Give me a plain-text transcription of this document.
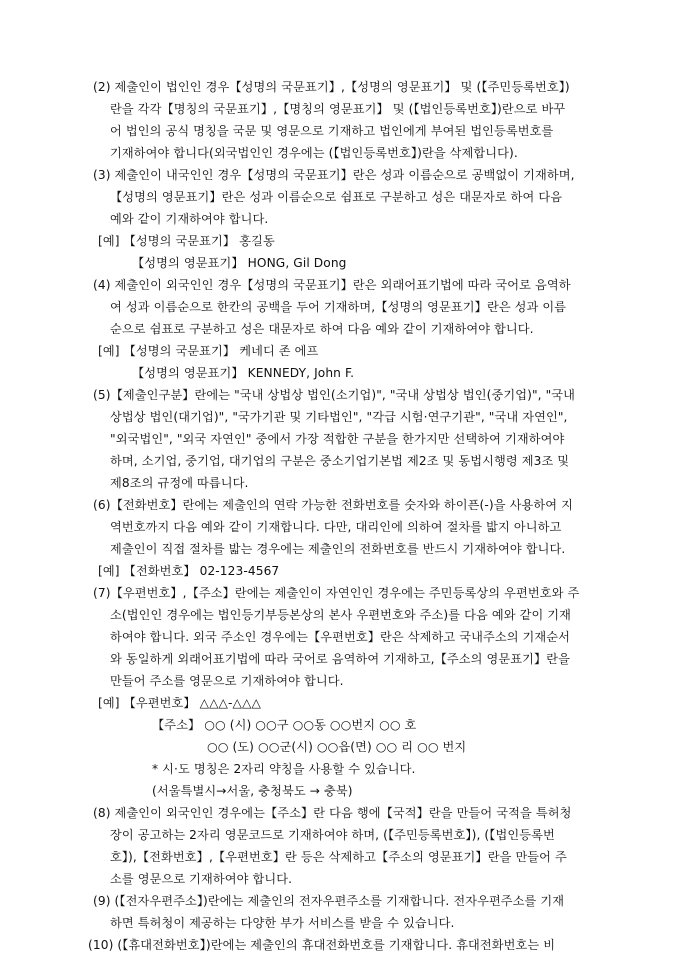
(2) 제출인이 법인인 경우【성명의 국문표기】,【성명의 영문표기】 및 (【주민등록번호】)

란을 각각【명칭의 국문표기】,【명칭의 영문표기】 및 (【법인등록번호】)란으로 바꾸

어 법인의 공식 명칭을 국문 및 영문으로 기재하고 법인에게 부여된 법인등록번호를

기재하여야 합니다(외국법인인 경우에는 (【법인등록번호】)란을 삭제합니다).

(3) 제출인이 내국인인 경우【성명의 국문표기】란은 성과 이름순으로 공백없이 기재하며,

【성명의 영문표기】란은 성과 이름순으로 쉼표로 구분하고 성은 대문자로 하여 다음

예와 같이 기재하여야 합니다.

[예] 【성명의 국문표기】 홍길동

【성명의 영문표기】 HONG, Gil Dong

(4) 제출인이 외국인인 경우【성명의 국문표기】란은 외래어표기법에 따라 국어로 음역하

여 성과 이름순으로 한칸의 공백을 두어 기재하며,【성명의 영문표기】란은 성과 이름

순으로 쉼표로 구분하고 성은 대문자로 하여 다음 예와 같이 기재하여야 합니다.

[예] 【성명의 국문표기】 케네디 존 에프

【성명의 영문표기】 KENNEDY, John F.

(5)【제출인구분】란에는 "국내 상법상 법인(소기업)", "국내 상법상 법인(중기업)", "국내

상법상 법인(대기업)", "국가기관 및 기타법인", "각급 시험·연구기관", "국내 자연인",

"외국법인", "외국 자연인" 중에서 가장 적합한 구분을 한가지만 선택하여 기재하여야

하며, 소기업, 중기업, 대기업의 구분은 중소기업기본법 제2조 및 동법시행령 제3조 및

제8조의 규정에 따릅니다.

(6)【전화번호】란에는 제출인의 연락 가능한 전화번호를 숫자와 하이픈(-)을 사용하여 지

역번호까지 다음 예와 같이 기재합니다. 다만, 대리인에 의하여 절차를 밟지 아니하고

제출인이 직접 절차를 밟는 경우에는 제출인의 전화번호를 반드시 기재하여야 합니다.

[예] 【전화번호】 02-123-4567

(7)【우편번호】,【주소】란에는 제출인이 자연인인 경우에는 주민등록상의 우편번호와 주

소(법인인 경우에는 법인등기부등본상의 본사 우편번호와 주소)를 다음 예와 같이 기재

하여야 합니다. 외국 주소인 경우에는【우편번호】란은 삭제하고 국내주소의 기재순서

와 동일하게 외래어표기법에 따라 국어로 음역하여 기재하고,【주소의 영문표기】란을

만들어 주소를 영문으로 기재하여야 합니다.

[예] 【우편번호】 △△△-△△△

【주소】 ○○ (시) ○○구 ○○동 ○○번지 ○○ 호

○○ (도) ○○군(시) ○○읍(면) ○○ 리 ○○ 번지

* 시·도 명칭은 2자리 약칭을 사용할 수 있습니다.

(서울특별시→서울, 충청북도 → 충북)

(8) 제출인이 외국인인 경우에는【주소】란 다음 행에【국적】란을 만들어 국적을 특허청

장이 공고하는 2자리 영문코드로 기재하여야 하며, (【주민등록번호】), (【법인등록번

호】),【전화번호】,【우편번호】란 등은 삭제하고【주소의 영문표기】란을 만들어 주

소를 영문으로 기재하여야 합니다.

(9) (【전자우편주소】)란에는 제출인의 전자우편주소를 기재합니다. 전자우편주소를 기재

하면 특허청이 제공하는 다양한 부가 서비스를 받을 수 있습니다.

(10) (【휴대전화번호】)란에는 제출인의 휴대전화번호를 기재합니다. 휴대전화번호는 비
